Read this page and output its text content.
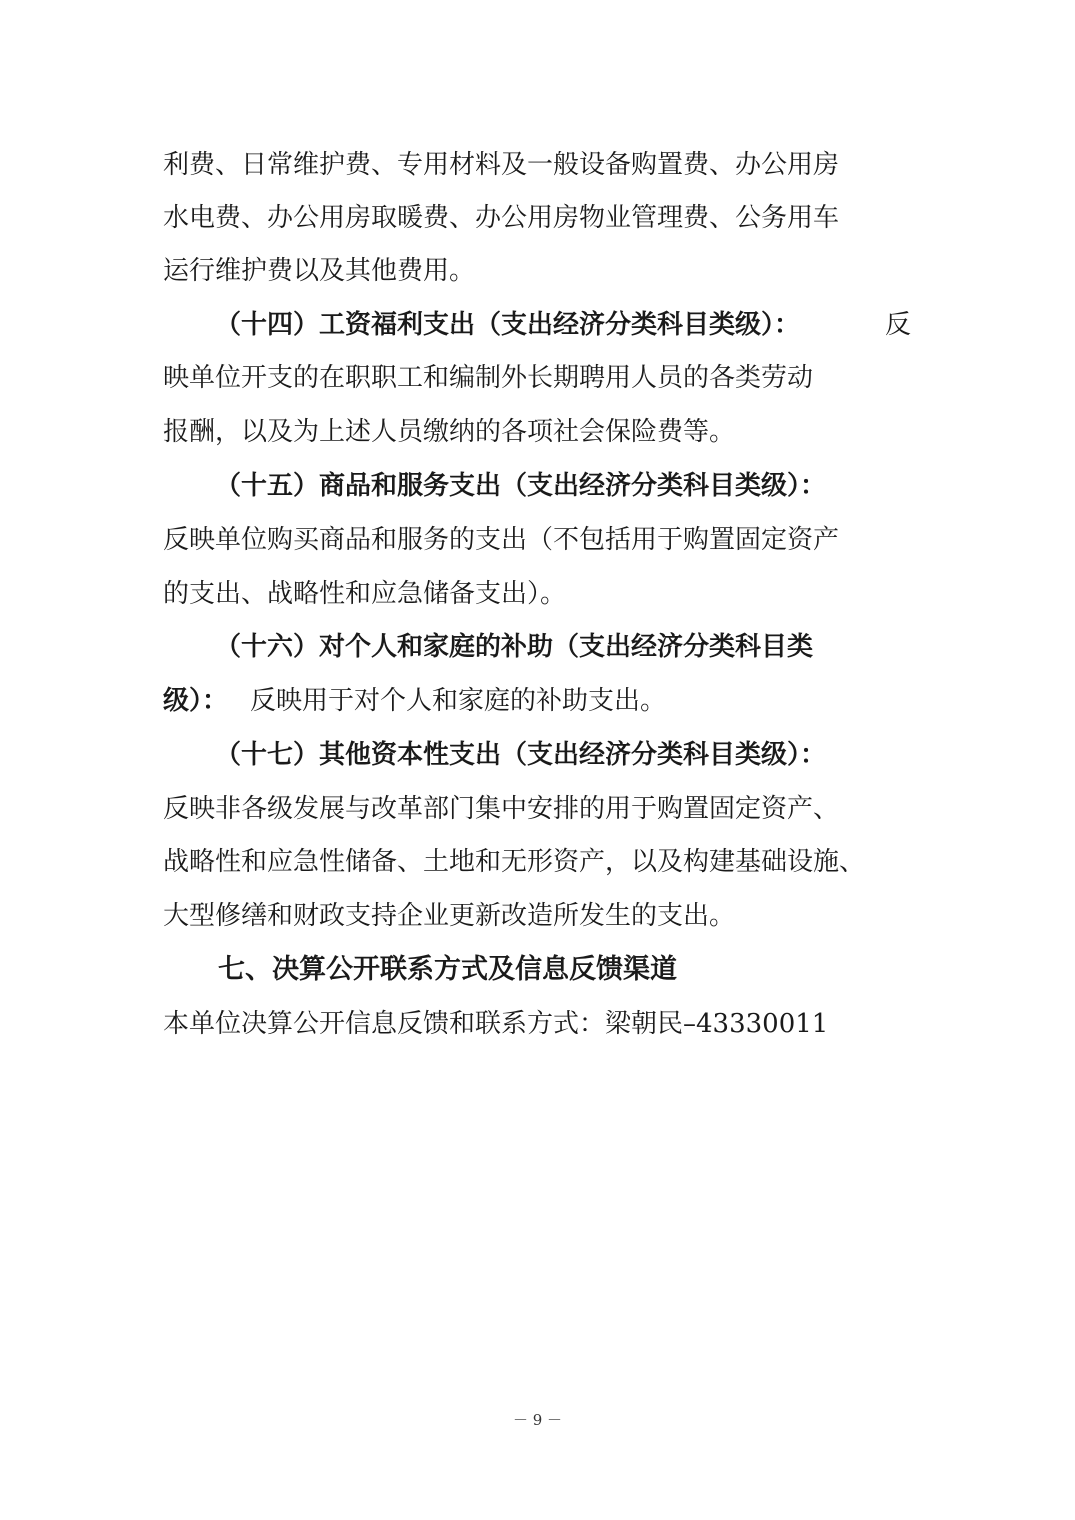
利费、日常维护费、专用材料及一般设备购置费、办公用房
水电费、办公用房取暖费、办公用房物业管理费、公务用车
运行维护费以及其他费用。
（十四）工资福利支出（支出经济分类科目类级）：	反
映单位开支的在职职工和编制外长期聘用人员的各类劳动
报酬，以及为上述人员缴纳的各项社会保险费等。
（十五）商品和服务支出（支出经济分类科目类级）：
反映单位购买商品和服务的支出（不包括用于购置固定资产
的支出、战略性和应急储备支出）。
（十六）对个人和家庭的补助（支出经济分类科目类
级）： 反映用于对个人和家庭的补助支出。
（十七）其他资本性支出（支出经济分类科目类级）：
反映非各级发展与改革部门集中安排的用于购置固定资产、
战略性和应急性储备、土地和无形资产，以及构建基础设施、
大型修缮和财政支持企业更新改造所发生的支出。
七、决算公开联系方式及信息反馈渠道
本单位决算公开信息反馈和联系方式：梁朝民–43330011
－ 9 －
